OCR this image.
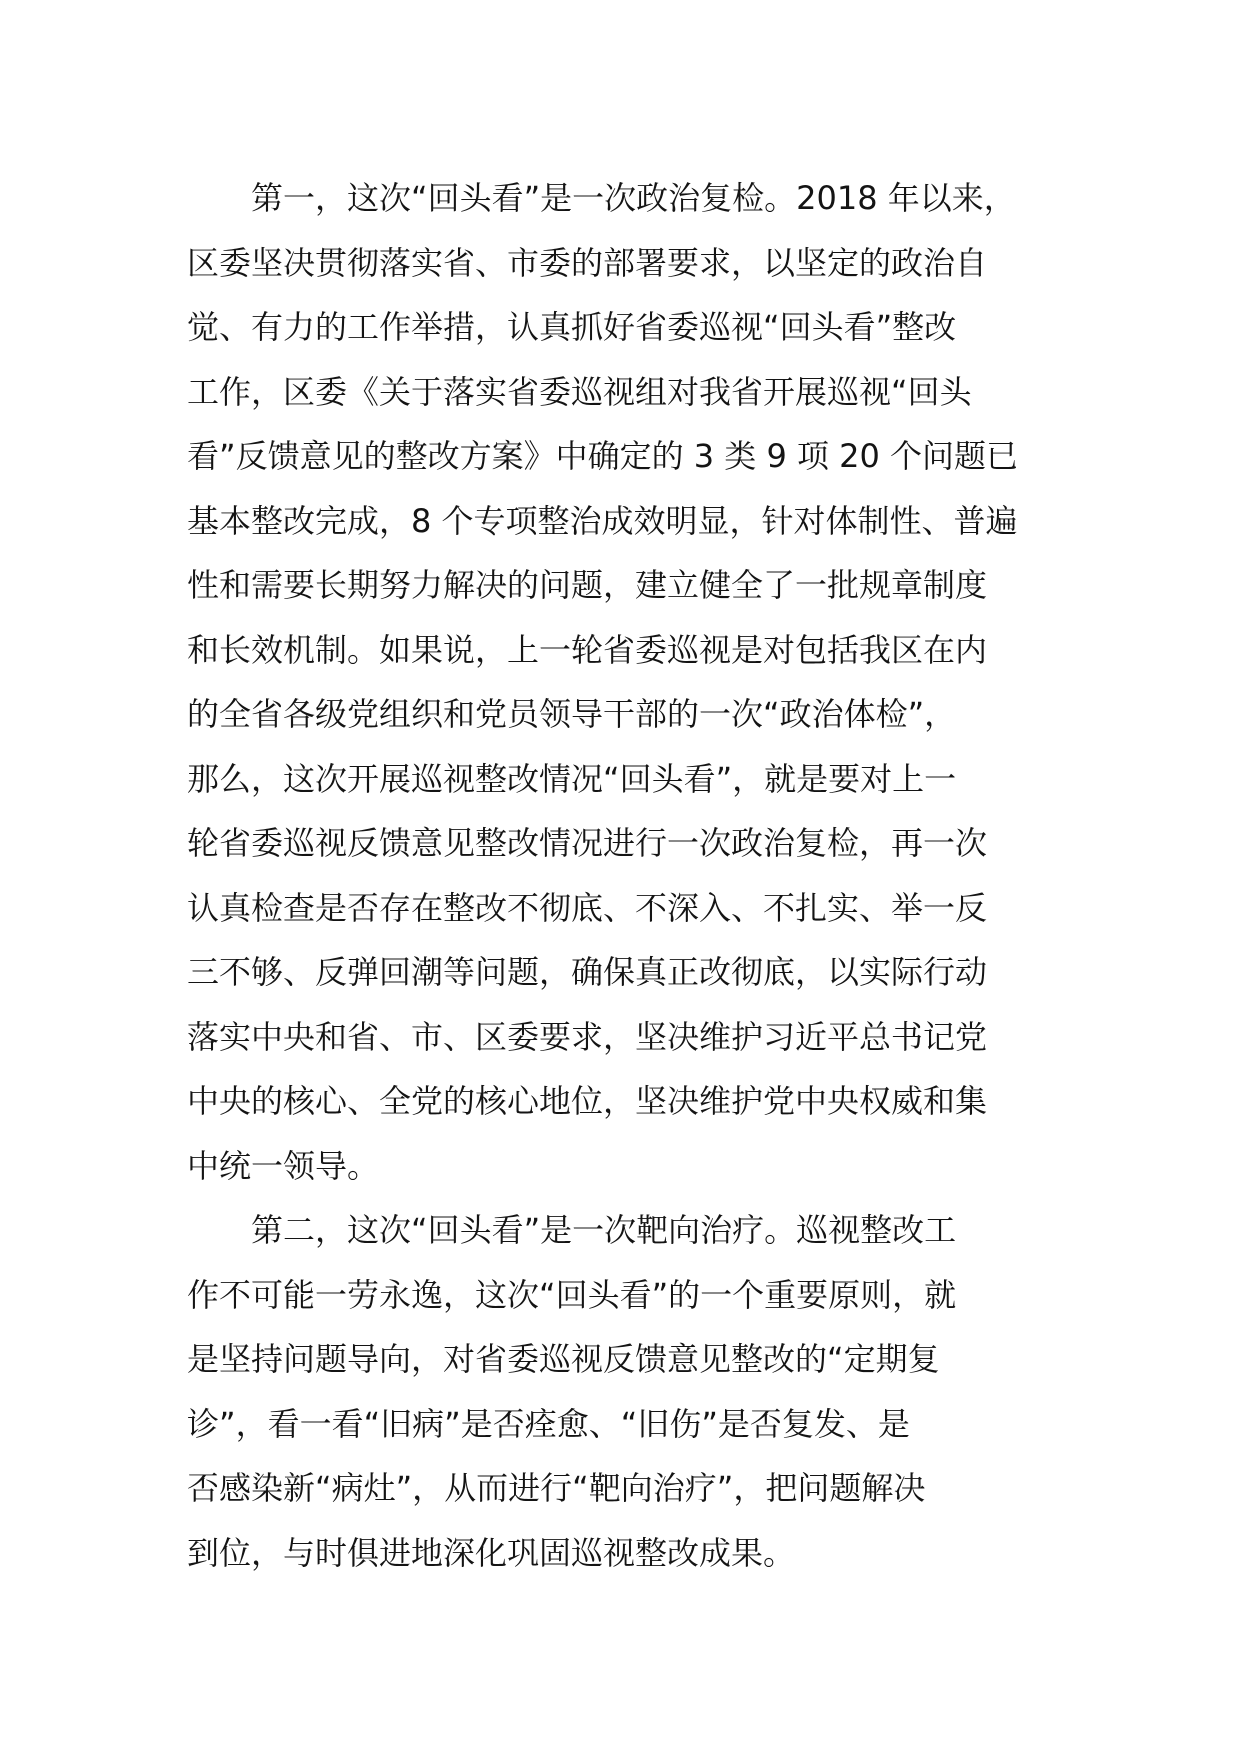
第一，这次“回头看”是一次政治复检。2018 年以来，
区委坚决贯彻落实省、市委的部署要求，以坚定的政治自
觉、有力的工作举措，认真抓好省委巡视“回头看”整改
工作，区委《关于落实省委巡视组对我省开展巡视“回头
看”反馈意见的整改方案》中确定的 3 类 9 项 20 个问题已
基本整改完成，8 个专项整治成效明显，针对体制性、普遍
性和需要长期努力解决的问题，建立健全了一批规章制度
和长效机制。如果说，上一轮省委巡视是对包括我区在内
的全省各级党组织和党员领导干部的一次“政治体检”，
那么，这次开展巡视整改情况“回头看”，就是要对上一
轮省委巡视反馈意见整改情况进行一次政治复检，再一次
认真检查是否存在整改不彻底、不深入、不扎实、举一反
三不够、反弹回潮等问题，确保真正改彻底，以实际行动
落实中央和省、市、区委要求，坚决维护习近平总书记党
中央的核心、全党的核心地位，坚决维护党中央权威和集
中统一领导。
第二，这次“回头看”是一次靶向治疗。巡视整改工
作不可能一劳永逸，这次“回头看”的一个重要原则，就
是坚持问题导向，对省委巡视反馈意见整改的“定期复
诊”，看一看“旧病”是否痊愈、“旧伤”是否复发、是
否感染新“病灶”，从而进行“靶向治疗”，把问题解决
到位，与时俱进地深化巩固巡视整改成果。
